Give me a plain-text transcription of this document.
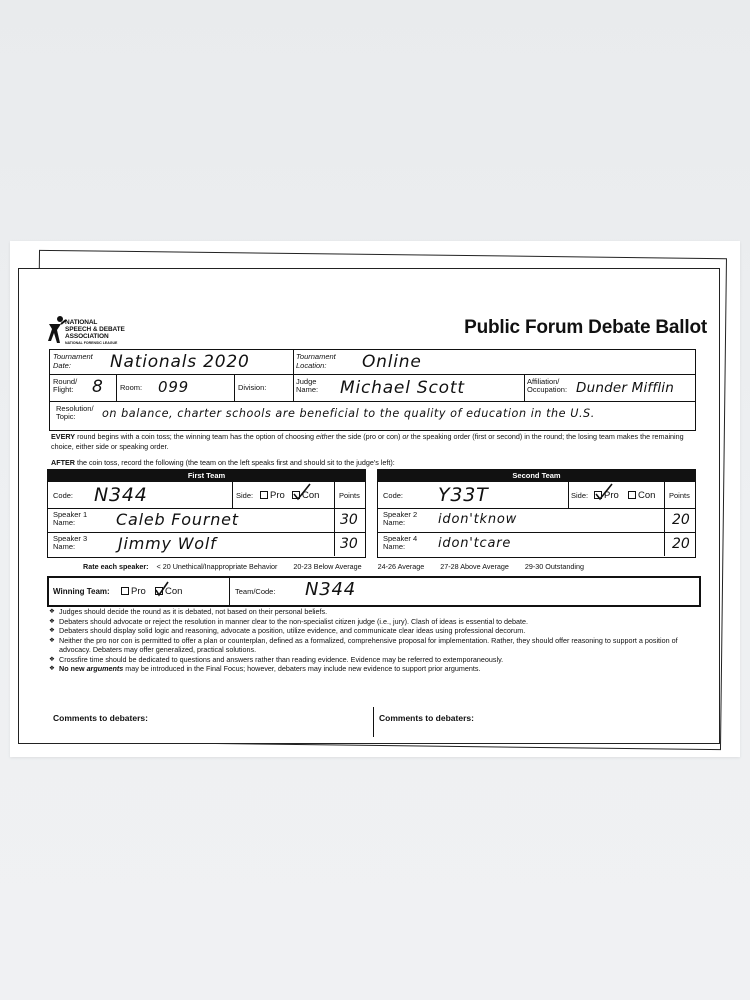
NATIONAL
SPEECH & DEBATE
ASSOCIATION
NATIONAL FORENSIC LEAGUE
Public Forum Debate Ballot
Tournament
Date:	Nationals 2020	Tournament
Location:	Online
Round/
Flight: 8 Room: 099	Division:
Judge
Name: Michael Scott	Affiliation/
Occupation: Dunder Mifflin
Resolution/
Topic:	on balance, charter schools are beneficial to the quality of education in the U.S.
EVERY round begins with a coin toss; the winning team has the option of choosing either the side (pro or con) or the speaking order (first or second) in the round; the losing team makes the remaining choice, either side or speaking order.
AFTER the coin toss, record the following (the team on the left speaks first and should sit to the judge's left):
First Team
Code: N344	Side:	Pro	Con	Points
Speaker 1
Name:	Caleb Fournet	30
Speaker 3
Name:	Jimmy Wolf	30
Second Team
Code: Y33T	Side:	Pro	Con Points
Speaker 2
Name:	idon'tknow	20
Speaker 4
Name:	idon'tcare	20
Rate each speaker: < 20 Unethical/Inappropriate Behavior 20-23 Below Average 24-26 Average 27-28 Above Average 29-30 Outstanding
Winning Team:	Pro	Con	Team/Code: N344
❖ Judges should decide the round as it is debated, not based on their personal beliefs.
❖ Debaters should advocate or reject the resolution in manner clear to the non-specialist citizen judge (i.e., jury). Clash of ideas is essential to debate.
❖ Debaters should display solid logic and reasoning, advocate a position, utilize evidence, and communicate clear ideas using professional decorum.
❖ Neither the pro nor con is permitted to offer a plan or counterplan, defined as a formalized, comprehensive proposal for implementation. Rather, they should offer reasoning to support a position of advocacy. Debaters may offer generalized, practical solutions.
❖ Crossfire time should be dedicated to questions and answers rather than reading evidence. Evidence may be referred to extemporaneously.
❖ No new arguments may be introduced in the Final Focus; however, debaters may include new evidence to support prior arguments.
Comments to debaters:	Comments to debaters:
